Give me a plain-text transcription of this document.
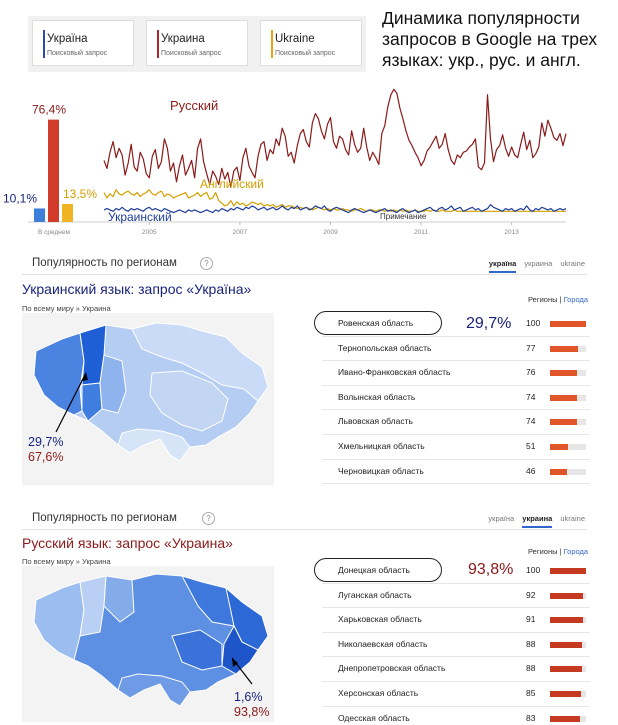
Україна
Поисковый запрос
Украина
Поисковый запрос
Ukraine
Поисковый запрос
Динамика популярности запросов в Google на трех языках: укр., рус. и англ.
2005	2007	2009	2011	2013
10,1%
76,4%
13,5%
В среднем
Русский
Английский
Украинский	Примечание
Популярность по регионам	?	україна украина ukraine
Украинский язык: запрос «Україна»
По всему миру » Украина
Регионы | Города
29,7%
67,6%
29,7%
Ровенская область	100
Тернопольская область	77
Ивано-Франковская область	76
Волынская область	74
Львовская область	74
Хмельницкая область	51
Черновицкая область	46
Популярность по регионам	?	україна украина ukraine
Русский язык: запрос «Украина»
По всему миру » Украина
Регионы | Города
1,6%
93,8%
93,8%
Донецкая область	100
Луганская область	92
Харьковская область	91
Николаевская область	88
Днепропетровская область	88
Херсонская область	85
Одесская область	83
